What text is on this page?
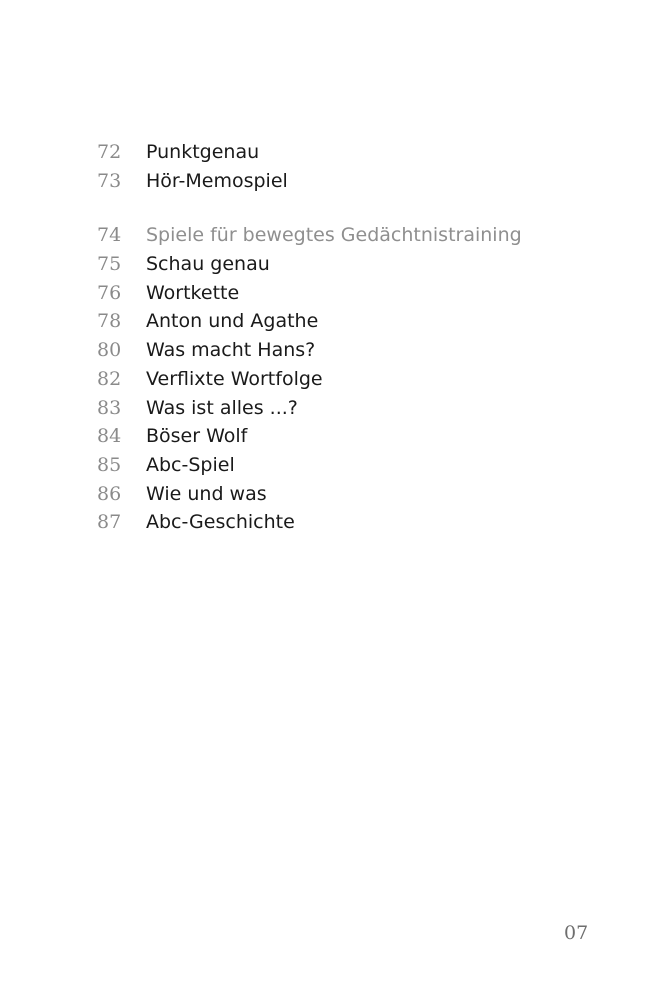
72 Punktgenau
73 Hör-Memospiel
74 Spiele für bewegtes Gedächtnistraining
75 Schau genau
76 Wortkette
78 Anton und Agathe
80 Was macht Hans?
82 Verflixte Wortfolge
83 Was ist alles ...?
84 Böser Wolf
85 Abc-Spiel
86 Wie und was
87 Abc-Geschichte
07
